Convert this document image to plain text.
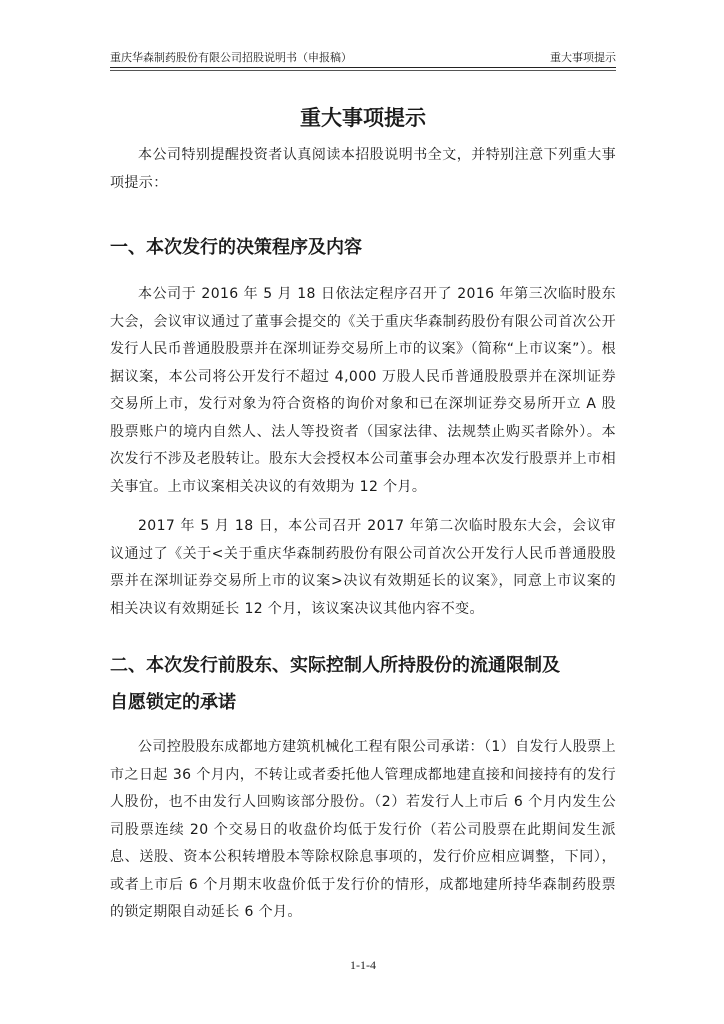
重庆华森制药股份有限公司招股说明书（申报稿）	重大事项提示
重大事项提示

本公司特别提醒投资者认真阅读本招股说明书全文，并特别注意下列重大事项提示：

一、本次发行的决策程序及内容

本公司于 2016 年 5 月 18 日依法定程序召开了 2016 年第三次临时股东大会，会议审议通过了董事会提交的《关于重庆华森制药股份有限公司首次公开发行人民币普通股股票并在深圳证券交易所上市的议案》（简称“上市议案”）。根据议案，本公司将公开发行不超过 4,000 万股人民币普通股股票并在深圳证券交易所上市，发行对象为符合资格的询价对象和已在深圳证券交易所开立 A 股股票账户的境内自然人、法人等投资者（国家法律、法规禁止购买者除外）。本次发行不涉及老股转让。股东大会授权本公司董事会办理本次发行股票并上市相关事宜。上市议案相关决议的有效期为 12 个月。

2017 年 5 月 18 日，本公司召开 2017 年第二次临时股东大会，会议审议通过了《关于<关于重庆华森制药股份有限公司首次公开发行人民币普通股股票并在深圳证券交易所上市的议案>决议有效期延长的议案》，同意上市议案的相关决议有效期延长 12 个月，该议案决议其他内容不变。

二、本次发行前股东、实际控制人所持股份的流通限制及
自愿锁定的承诺

公司控股股东成都地方建筑机械化工程有限公司承诺：（1）自发行人股票上市之日起 36 个月内，不转让或者委托他人管理成都地建直接和间接持有的发行人股份，也不由发行人回购该部分股份。（2）若发行人上市后 6 个月内发生公司股票连续 20 个交易日的收盘价均低于发行价（若公司股票在此期间发生派息、送股、资本公积转增股本等除权除息事项的，发行价应相应调整，下同），或者上市后 6 个月期末收盘价低于发行价的情形，成都地建所持华森制药股票的锁定期限自动延长 6 个月。

1-1-4
